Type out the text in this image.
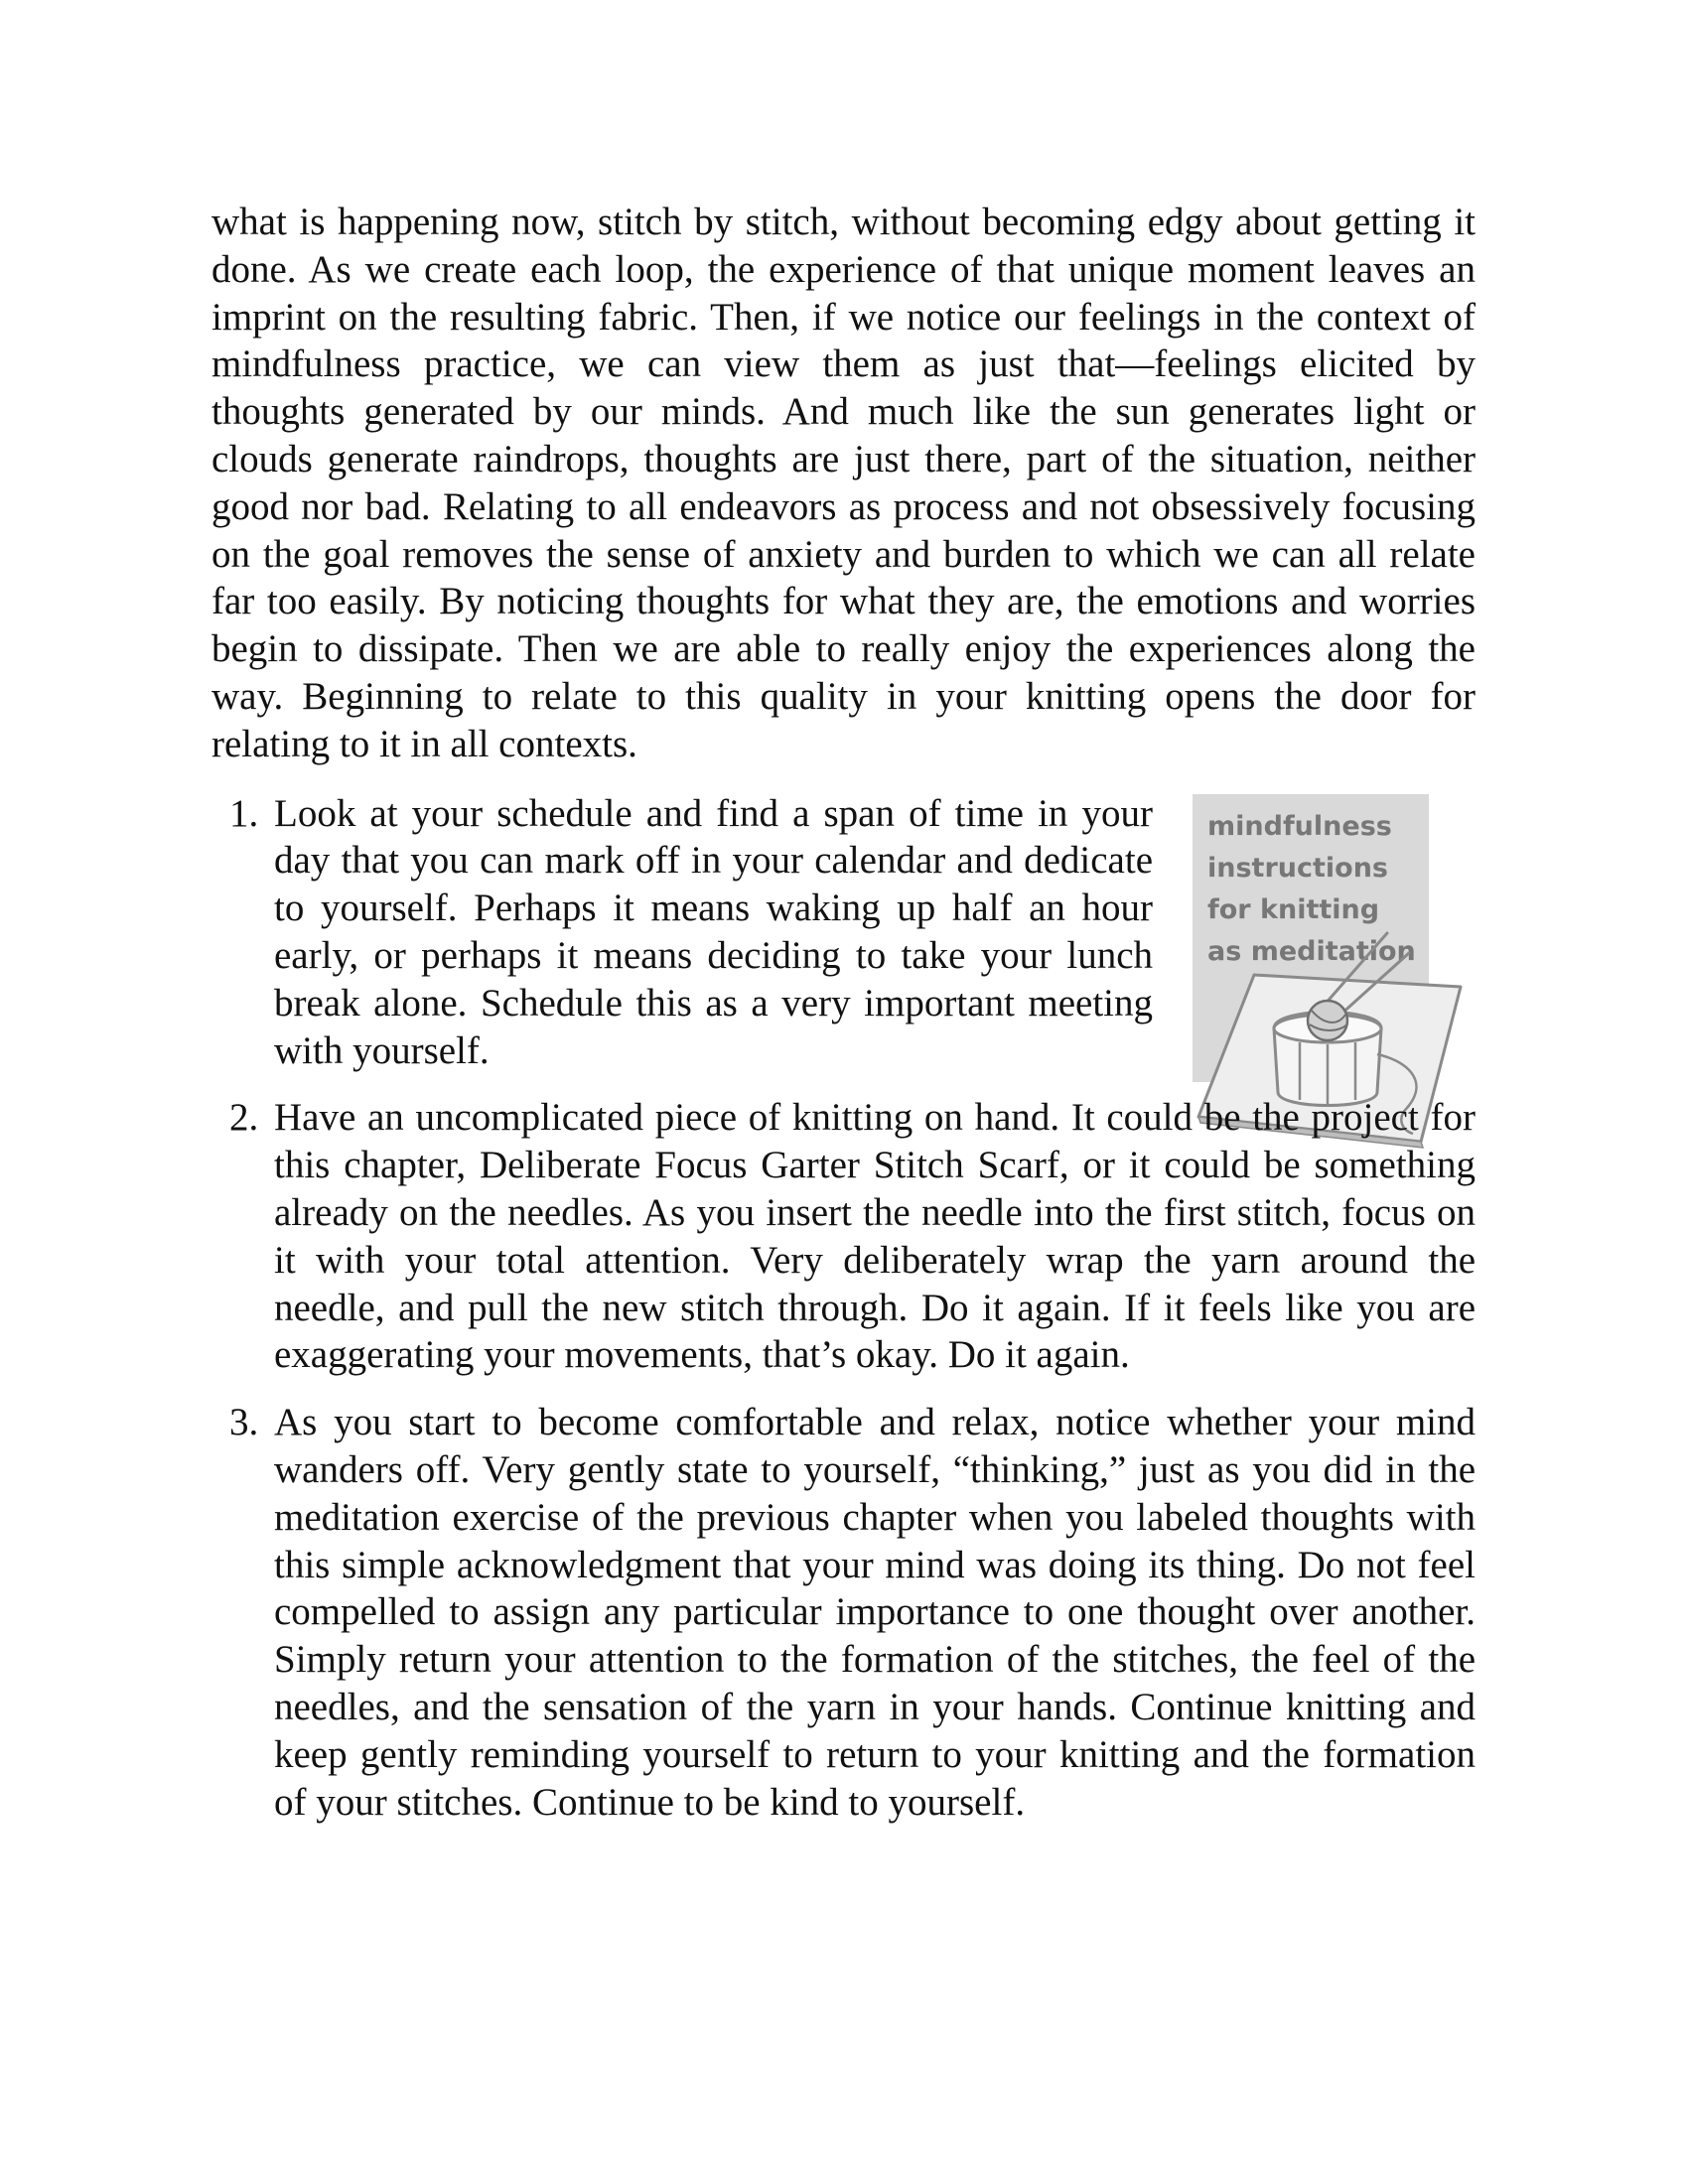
what is happening now, stitch by stitch, without becoming edgy about getting it done. As we create each loop, the experience of that unique moment leaves an imprint on the resulting fabric. Then, if we notice our feelings in the context of mindfulness practice, we can view them as just that—feelings elicited by thoughts generated by our minds. And much like the sun generates light or clouds generate raindrops, thoughts are just there, part of the situation, neither good nor bad. Relating to all endeavors as process and not obsessively focusing on the goal removes the sense of anxiety and burden to which we can all relate far too easily. By noticing thoughts for what they are, the emotions and worries begin to dissipate. Then we are able to really enjoy the experiences along the way. Beginning to relate to this quality in your knitting opens the door for relating to it in all contexts.

mindfulness
instructions
for knitting
as meditation
1. Look at your schedule and find a span of time in your day that you can mark off in your calendar and dedicate to yourself. Perhaps it means waking up half an hour early, or perhaps it means deciding to take your lunch break alone. Schedule this as a very important meeting with yourself.
2. Have an uncomplicated piece of knitting on hand. It could be the project for this chapter, Deliberate Focus Garter Stitch Scarf, or it could be something already on the needles. As you insert the needle into the first stitch, focus on it with your total attention. Very deliberately wrap the yarn around the needle, and pull the new stitch through. Do it again. If it feels like you are exaggerating your movements, that’s okay. Do it again.
3. As you start to become comfortable and relax, notice whether your mind wanders off. Very gently state to yourself, “thinking,” just as you did in the meditation exercise of the previous chapter when you labeled thoughts with this simple acknowledgment that your mind was doing its thing. Do not feel compelled to assign any particular importance to one thought over another. Simply return your attention to the formation of the stitches, the feel of the needles, and the sensation of the yarn in your hands. Continue knitting and keep gently reminding yourself to return to your knitting and the formation of your stitches. Continue to be kind to yourself.
